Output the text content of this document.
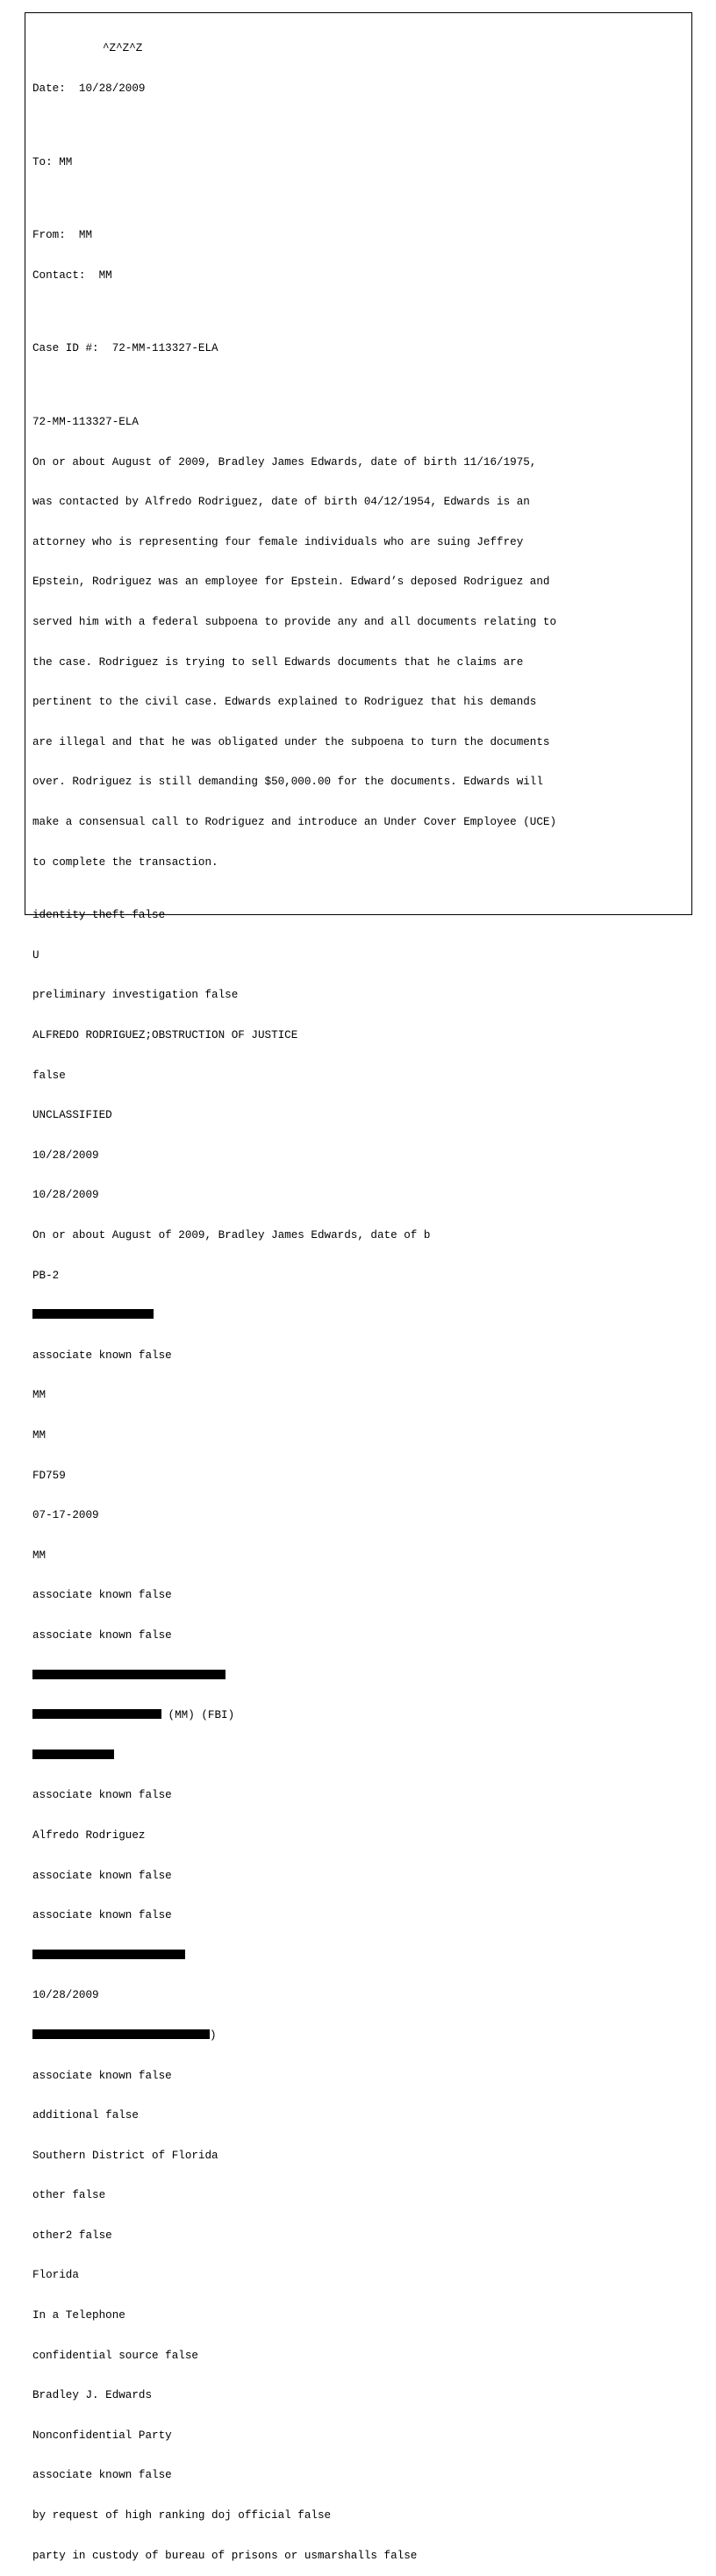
^Z^Z^Z

Date:  10/28/2009

To: MM

From:  MM

Contact:  MM

Case ID #:  72-MM-113327-ELA

72-MM-113327-ELA

On or about August of 2009, Bradley James Edwards, date of birth 11/16/1975,

was contacted by Alfredo Rodriguez, date of birth 04/12/1954, Edwards is an

attorney who is representing four female individuals who are suing Jeffrey

Epstein, Rodriguez was an employee for Epstein. Edward’s deposed Rodriguez and

served him with a federal subpoena to provide any and all documents relating to

the case. Rodriguez is trying to sell Edwards documents that he claims are

pertinent to the civil case. Edwards explained to Rodriguez that his demands

are illegal and that he was obligated under the subpoena to turn the documents

over. Rodriguez is still demanding $50,000.00 for the documents. Edwards will

make a consensual call to Rodriguez and introduce an Under Cover Employee (UCE)

to complete the transaction.

identity theft false

U

preliminary investigation false

ALFREDO RODRIGUEZ;OBSTRUCTION OF JUSTICE

false

UNCLASSIFIED

10/28/2009

10/28/2009

On or about August of 2009, Bradley James Edwards, date of b

PB-2

associate known false

MM

MM

FD759

07-17-2009

MM

associate known false

associate known false

(MM) (FBI)

associate known false

Alfredo Rodriguez

associate known false

associate known false

10/28/2009

)

associate known false

additional false

Southern District of Florida

other false

other2 false

Florida

In a Telephone

confidential source false

Bradley J. Edwards

Nonconfidential Party

associate known false

by request of high ranking doj official false

party in custody of bureau of prisons or usmarshalls false
